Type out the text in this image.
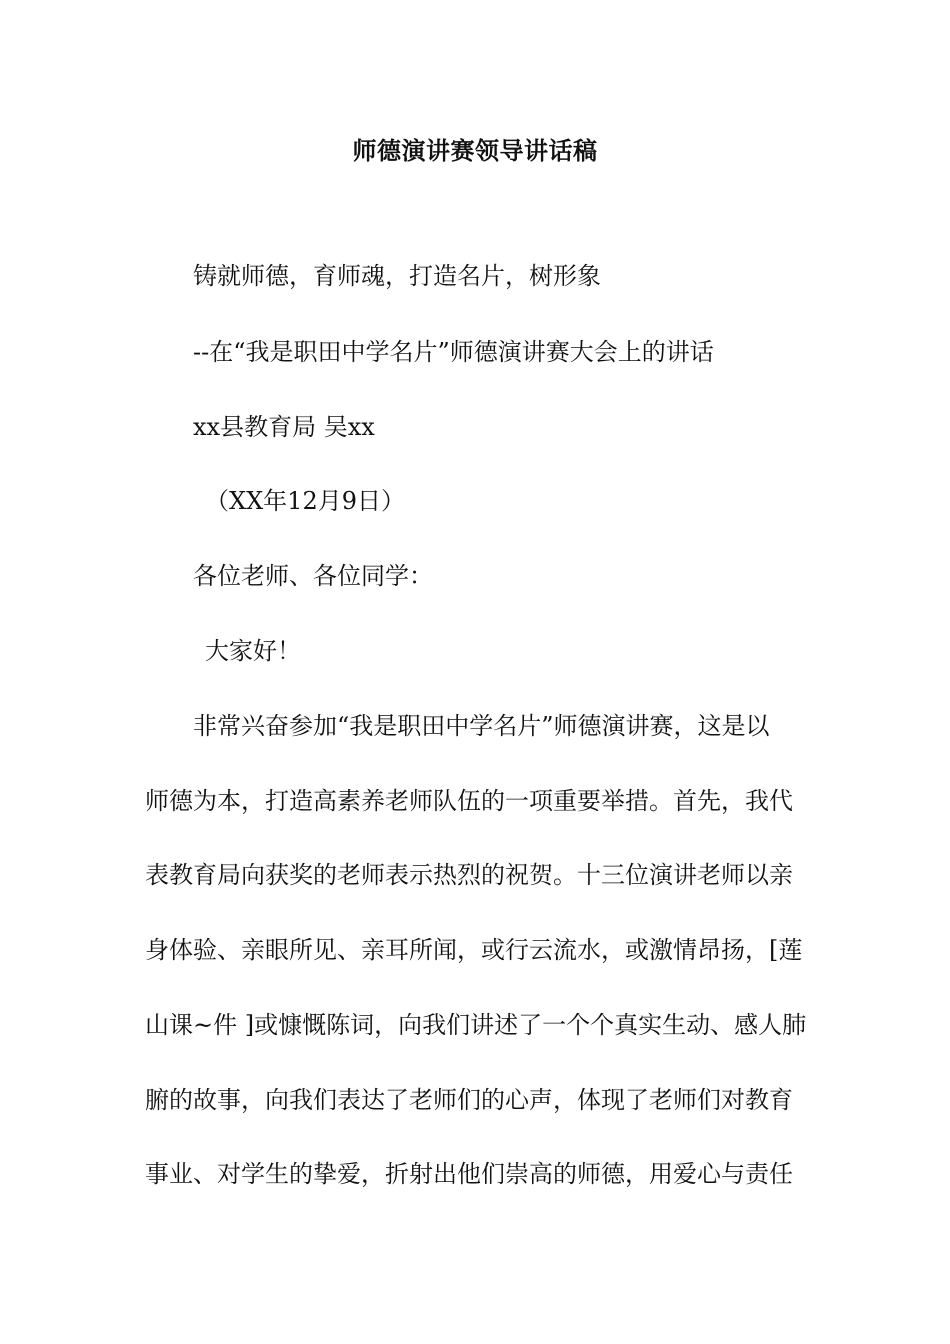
师德演讲赛领导讲话稿
铸就师德，育师魂，打造名片，树形象
--在“我是职田中学名片”师德演讲赛大会上的讲话
xx县教育局 吴xx
（XX年12月9日）
各位老师、各位同学：
大家好！
非常兴奋参加“我是职田中学名片”师德演讲赛，这是以
师德为本，打造高素养老师队伍的一项重要举措。首先，我代
表教育局向获奖的老师表示热烈的祝贺。十三位演讲老师以亲
身体验、亲眼所见、亲耳所闻，或行云流水，或激情昂扬，[莲
山课~件 ]或慷慨陈词，向我们讲述了一个个真实生动、感人肺
腑的故事，向我们表达了老师们的心声，体现了老师们对教育
事业、对学生的挚爱，折射出他们崇高的师德，用爱心与责任
